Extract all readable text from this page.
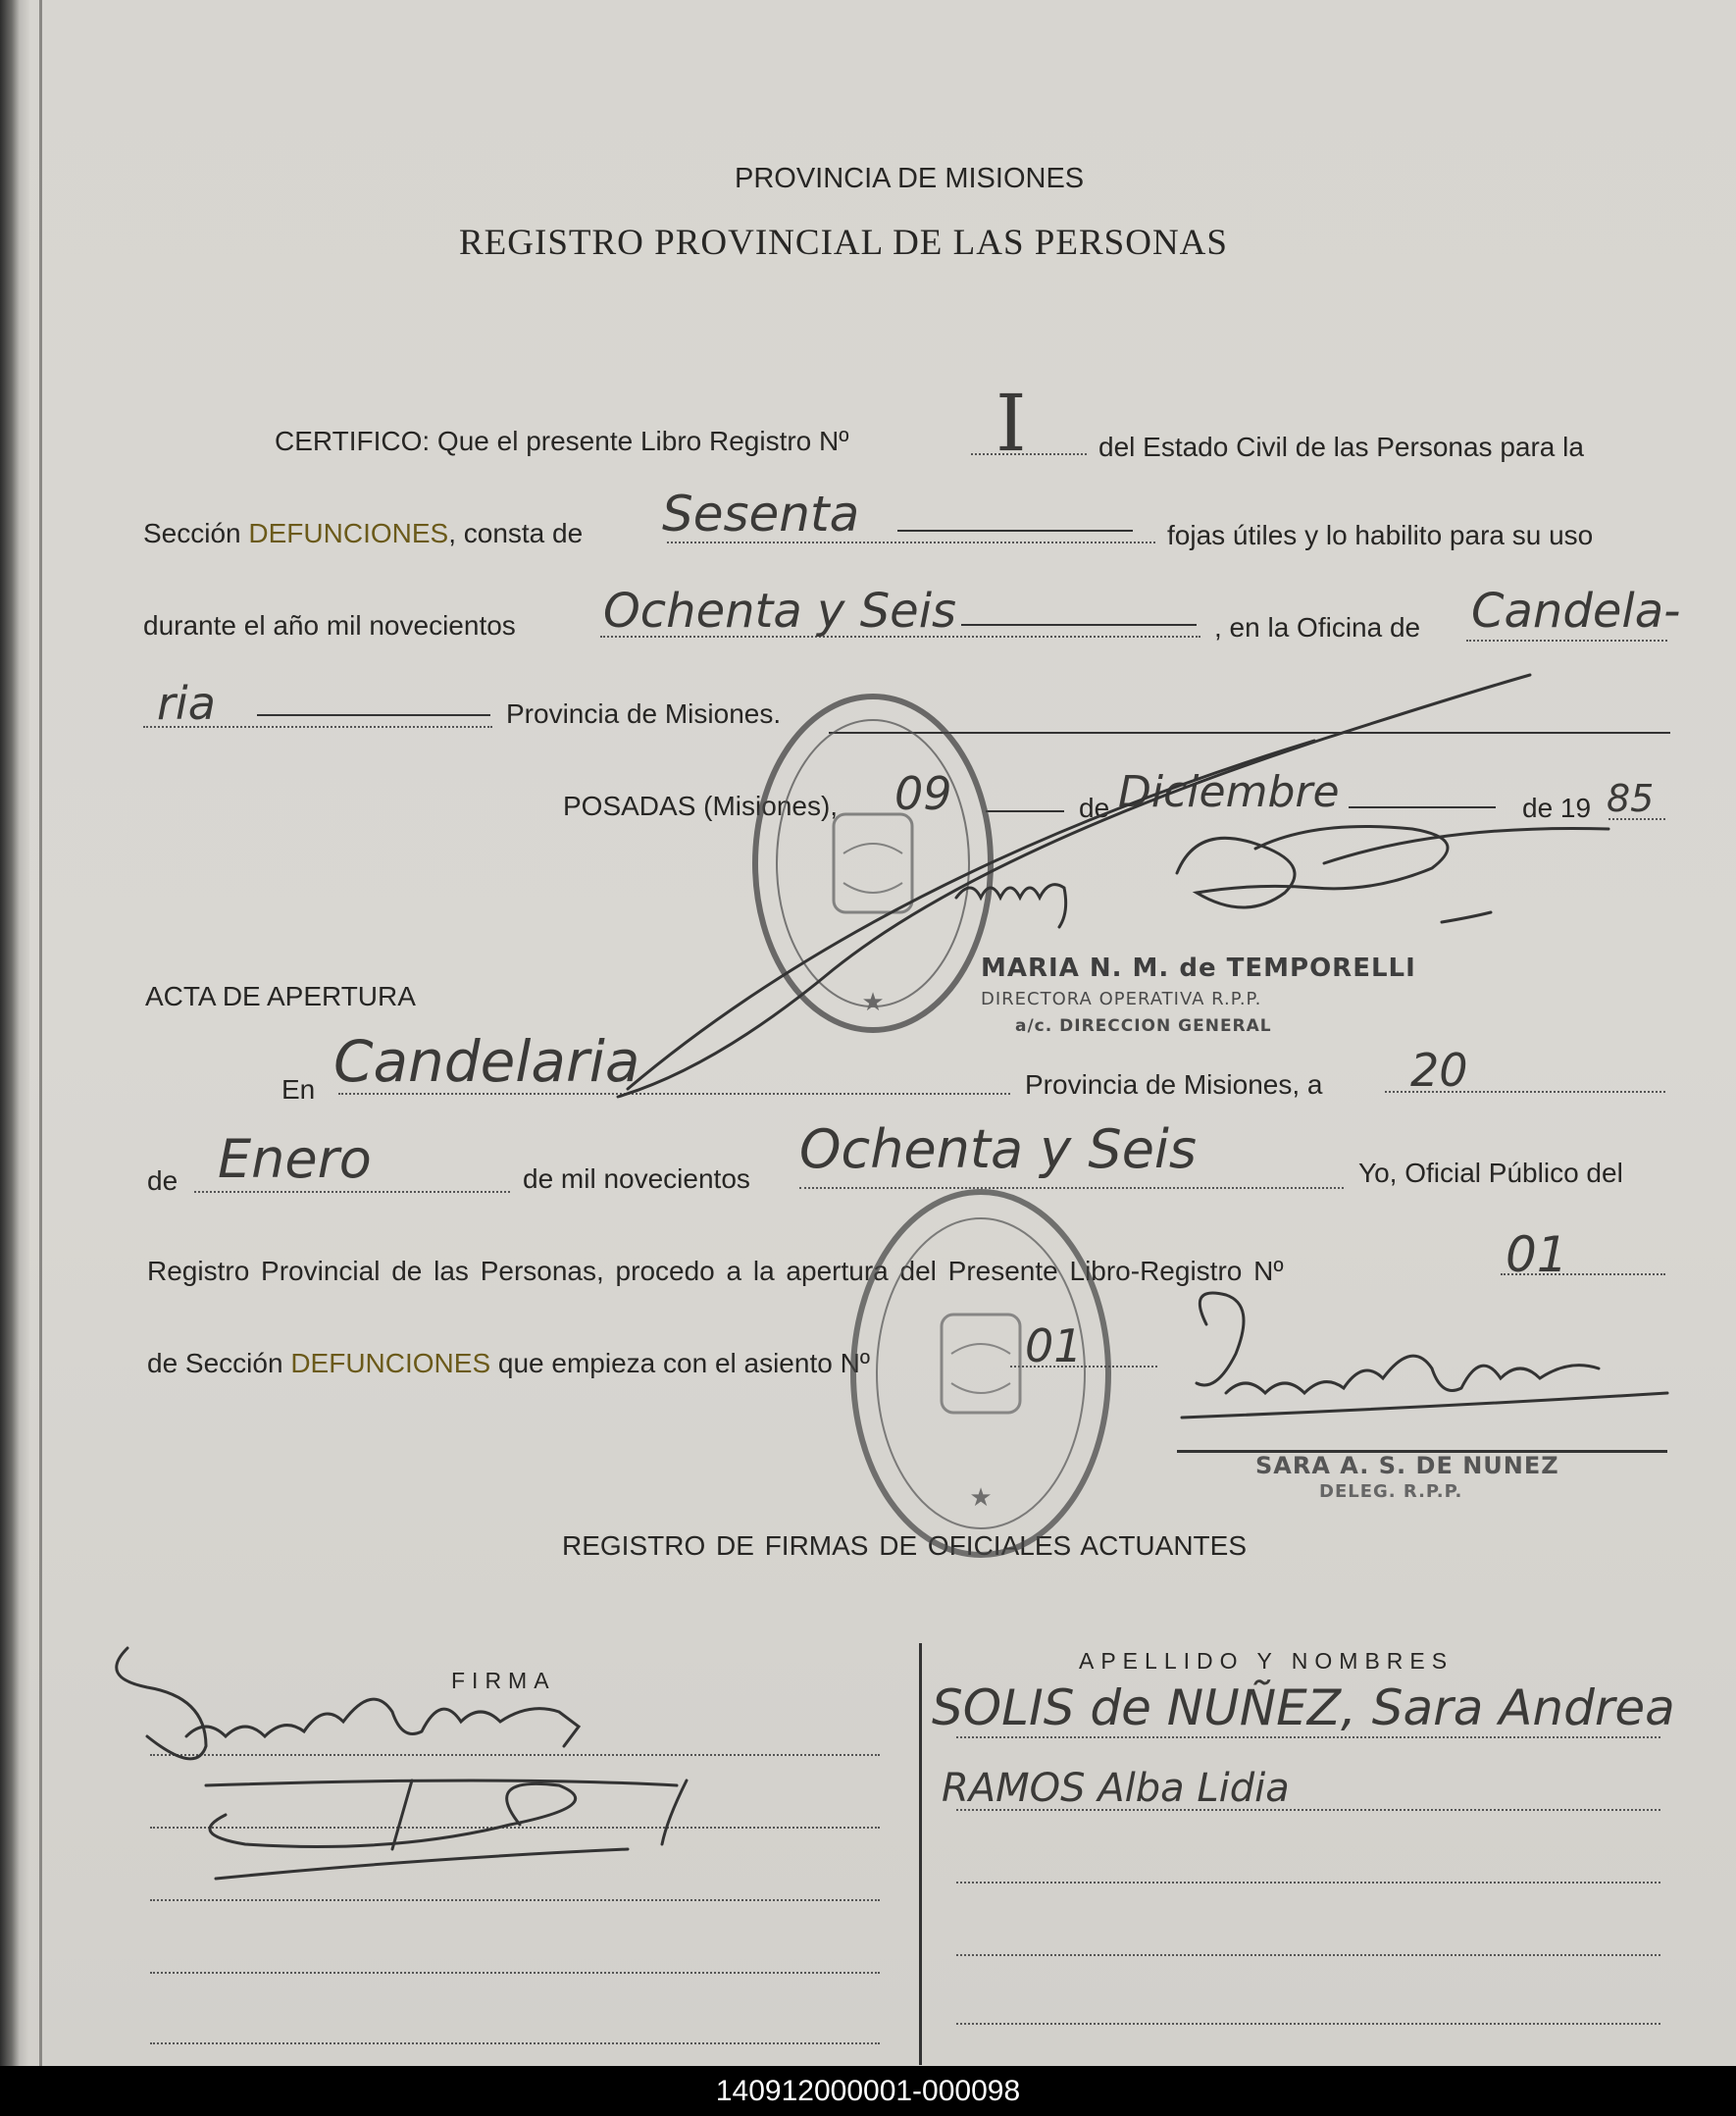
PROVINCIA DE MISIONES
REGISTRO PROVINCIAL DE LAS PERSONAS
CERTIFICO: Que el presente Libro Registro Nº I	del Estado Civil de las Personas para la
Sección DEFUNCIONES, consta de Sesenta	fojas útiles y lo habilito para su uso
durante el año mil novecientos Ochenta y Seis	, en la Oficina de Candela-
ria	Provincia de Misiones.
POSADAS (Misiones), 09	de Diciembre	de 19 85
MARIA N. M. de TEMPORELLI
DIRECTORA OPERATIVA R.P.P.
a/c. DIRECCION GENERAL
ACTA DE APERTURA
En Candelaria	Provincia de Misiones, a 20
de Enero	de mil novecientos Ochenta y Seis	Yo, Oficial Público del
Registro Provincial de las Personas, procedo a la apertura del Presente Libro-Registro Nº	01
de Sección DEFUNCIONES que empieza con el asiento Nº	01
SARA A. S. DE NUNEZ
DELEG. R.P.P.
REGISTRO DE FIRMAS DE OFICIALES ACTUANTES
FIRMA
APELLIDO Y NOMBRES
SOLIS de NUÑEZ, Sara Andrea
RAMOS Alba Lidia
★
★
140912000001-000098
